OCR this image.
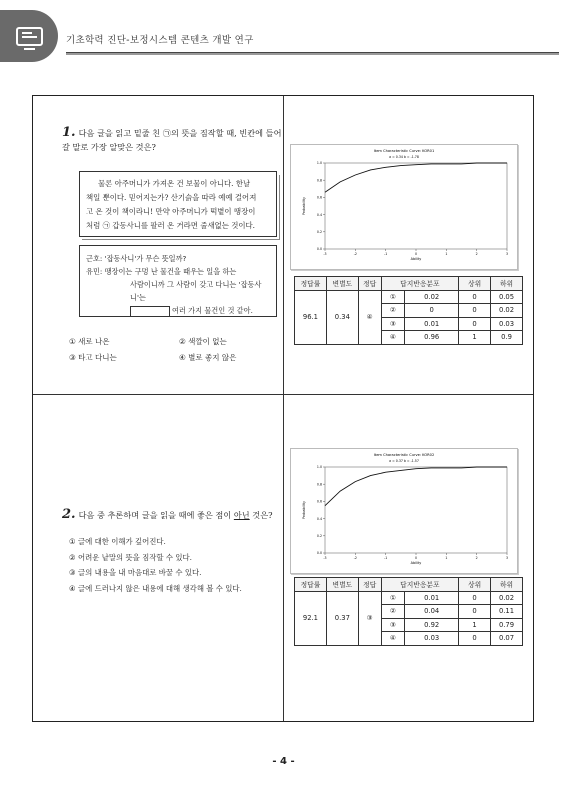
기초학력 진단-보정시스템 콘텐츠 개발 연구
1. 다음 글을 읽고 밑줄 친 ㉠의 뜻을 짐작할 때, 빈칸에 들어갈 말로 가장 알맞은 것은?
물론 아주머니가 가져온 건 보물이 아니다. 한날
책일 뿐이다. 믿어지는가? 산기슭을 따라 예예 걸어져
고 온 것이 책이라니! 만약 아주머니가 떡볕이 땡장이
처럼 ㉠ 갑동사니를 팔러 온 거라면 줄새없는 것이다.
근호: '잡동사니'가 무슨 뜻일까?
유민: 땡장이는 구멍 난 물건을 때우는 일을 하는
사람이니까 그 사람이 갖고 다니는 '잡동사니'는
여러 가지 물건인 것 같아.
① 새로 나온	② 색깔이 없는
③ 타고 다니는	④ 별로 좋지 않은
2. 다음 중 추론하며 글을 읽을 때에 좋은 점이 아닌 것은?
① 글에 대한 이해가 깊어진다.
② 어려운 낱말의 뜻을 짐작할 수 있다.
③ 글의 내용을 내 마음대로 바꿀 수 있다.
④ 글에 드러나지 않은 내용에 대해 생각해 볼 수 있다.
Item Characteristic Curve: KOR01
a = 0.34 b = -1.78
0.0
0.2
0.4
0.6
0.8
1.0
-3	-2	-1	0	1	2	3
Ability
Probability
정답률	변별도	정답	답지반응분포		상위	하위
96.1	0.34	④	①	0.02	0	0.05
			②	0	0	0.02
			③	0.01	0	0.03
			④	0.96	1	0.9
Item Characteristic Curve: KOR02
a = 0.37 b = -1.57
0.0
0.2
0.4
0.6
0.8
1.0
-3	-2	-1	0	1	2	3
Ability
Probability
정답률	변별도	정답	답지반응분포		상위	하위
92.1	0.37	③	①	0.01	0	0.02
			②	0.04	0	0.11
			③	0.92	1	0.79
			④	0.03	0	0.07
- 4 -
